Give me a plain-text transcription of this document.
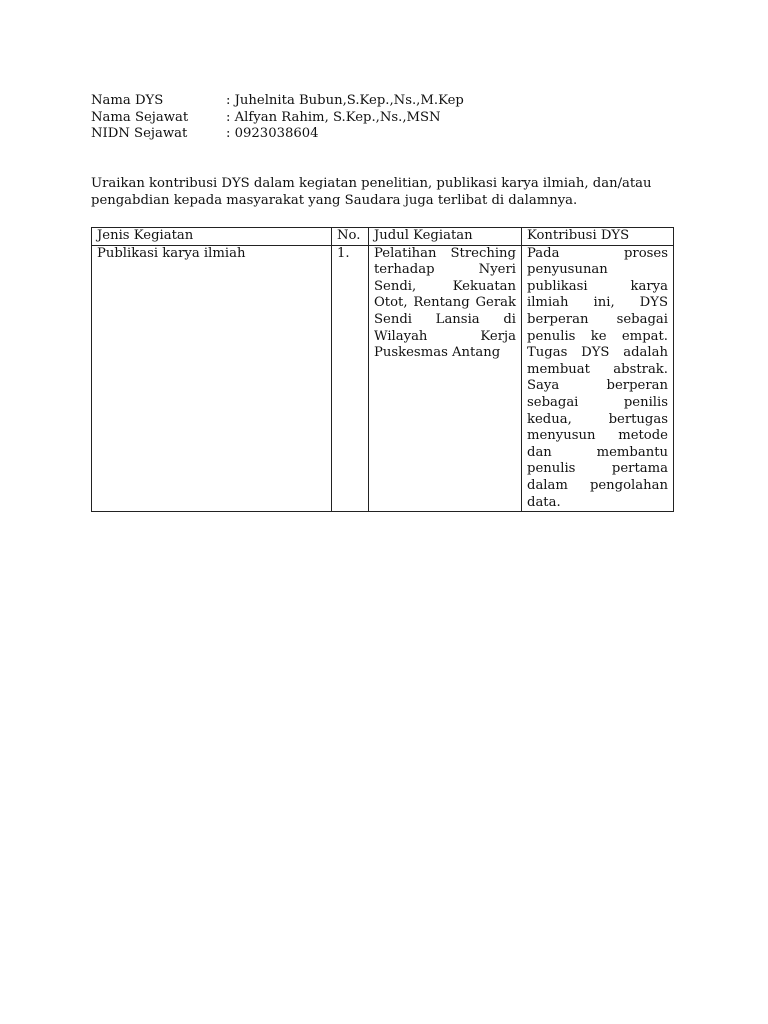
Nama DYS	: Juhelnita Bubun,S.Kep.,Ns.,M.Kep
Nama Sejawat	: Alfyan Rahim, S.Kep.,Ns.,MSN
NIDN Sejawat	: 0923038604
Uraikan kontribusi DYS dalam kegiatan penelitian, publikasi karya ilmiah, dan/atau
pengabdian kepada masyarakat yang Saudara juga terlibat di dalamnya.
Jenis Kegiatan	No.	Judul Kegiatan	Kontribusi DYS
Publikasi karya ilmiah	1.	Pelatihan Streching terhadap Nyeri Sendi, Kekuatan Otot, Rentang Gerak Sendi Lansia di Wilayah Kerja Puskesmas Antang	Pada proses penyusunan publikasi karya ilmiah ini, DYS berperan sebagai penulis ke empat. Tugas DYS adalah membuat abstrak. Saya berperan sebagai penilis kedua, bertugas menyusun metode dan membantu penulis pertama dalam pengolahan data.
